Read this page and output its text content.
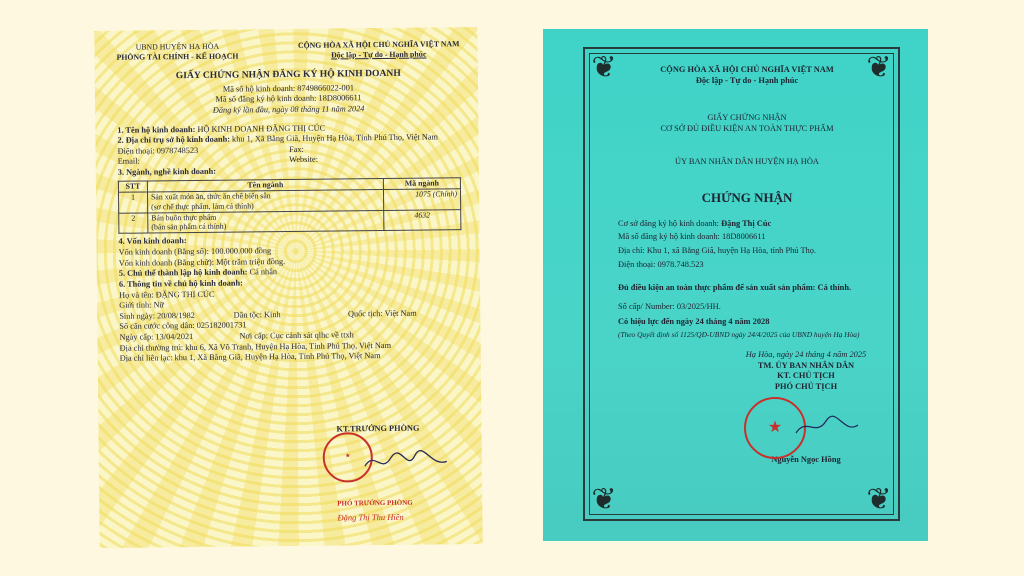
UBND HUYỆN HẠ HÒA
PHÒNG TÀI CHÍNH - KẾ HOẠCH
CỘNG HÒA XÃ HỘI CHỦ NGHĨA VIỆT NAM
Độc lập - Tự do - Hạnh phúc
GIẤY CHỨNG NHẬN ĐĂNG KÝ HỘ KINH DOANH
Mã số hộ kinh doanh: 8749866022-001
Mã số đăng ký hộ kinh doanh: 18D8006611
Đăng ký lần đầu, ngày 08 tháng 11 năm 2024
1. Tên hộ kinh doanh: HỘ KINH DOANH ĐẶNG THỊ CÚC
2. Địa chỉ trụ sở hộ kinh doanh: khu 1, Xã Bằng Giã, Huyện Hạ Hòa, Tỉnh Phú Thọ, Việt Nam
Điện thoại: 0978748523	Fax:
Email:	Website:
3. Ngành, nghề kinh doanh:
STT	Tên ngành	Mã ngành
1	Sản xuất món ăn, thức ăn chế biến sẵn
(sơ chế thực phẩm, làm cá thính)	1075 (Chính)
2	Bán buôn thực phẩm
(bán sản phẩm cá thính)	4632
4. Vốn kinh doanh:
Vốn kinh doanh (Bằng số): 100.000.000 đồng
Vốn kinh doanh (Bằng chữ): Một trăm triệu đồng.
5. Chủ thể thành lập hộ kinh doanh: Cá nhân
6. Thông tin về chủ hộ kinh doanh:
Họ và tên: ĐẶNG THỊ CÚC
Giới tính: Nữ
Sinh ngày: 20/08/1982	Dân tộc: Kinh	Quốc tịch: Việt Nam
Số căn cước công dân: 025182001731
Ngày cấp: 13/04/2021	Nơi cấp: Cục cảnh sát qlhc về ttxh
Địa chỉ thường trú: khu 6, Xã Võ Tranh, Huyện Hạ Hòa, Tỉnh Phú Thọ, Việt Nam
Địa chỉ liên lạc: khu 1, Xã Bằng Giã, Huyện Hạ Hòa, Tỉnh Phú Thọ, Việt Nam
KT.TRƯỞNG PHÒNG
★
PHÓ TRƯỞNG PHÒNG
Đặng Thị Thu Hiền
❦	❦
❦	❦

CỘNG HÒA XÃ HỘI CHỦ NGHĨA VIỆT NAM

Độc lập - Tự do - Hạnh phúc

GIẤY CHỨNG NHẬN

CƠ SỞ ĐỦ ĐIỀU KIỆN AN TOÀN THỰC PHẨM

ỦY BAN NHÂN DÂN HUYỆN HẠ HÒA

CHỨNG NHẬN

Cơ sở đăng ký hộ kinh doanh: Đặng Thị Cúc

Mã số đăng ký hộ kinh doanh: 18D8006611

Địa chỉ: Khu 1, xã Bằng Giã, huyện Hạ Hòa, tỉnh Phú Thọ.

Điện thoại: 0978.748.523

Đủ điều kiện an toàn thực phẩm để sản xuất sản phẩm: Cá thính.

Số cấp/ Number: 03/2025/HH.

Có hiệu lực đến ngày 24 tháng 4 năm 2028

(Theo Quyết định số 1125/QĐ-UBND ngày 24/4/2025 của UBND huyện Hạ Hòa)

Hạ Hòa, ngày 24 tháng 4 năm 2025

TM. ỦY BAN NHÂN DÂN

KT. CHỦ TỊCH

PHÓ CHỦ TỊCH

★

Nguyễn Ngọc Hồng
